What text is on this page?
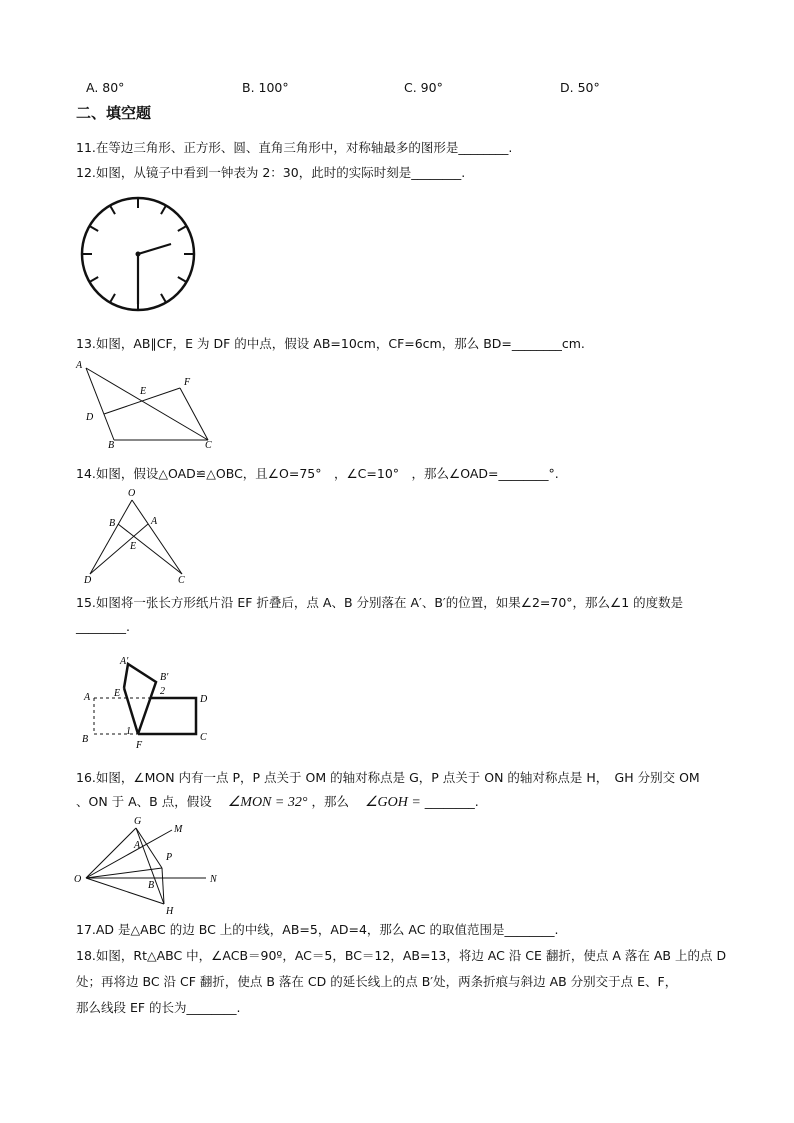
A. 80°	B. 100°	C. 90°	D. 50°
二、填空题
11.在等边三角形、正方形、圆、直角三角形中，对称轴最多的图形是________.
12.如图，从镜子中看到一钟表为 2：30，此时的实际时刻是________.
13.如图，AB∥CF，E 为 DF 的中点，假设 AB=10cm，CF=6cm，那么 BD=________cm.
A
B	C
D
E
F
14.如图，假设△OAD≌△OBC，且∠O=75°　，∠C=10°　，那么∠OAD=________°.
O
A
B
C
D
E
15.如图将一张长方形纸片沿 EF 折叠后，点 A、B 分别落在 A′、B′的位置，如果∠2=70°，那么∠1 的度数是
________.
A′
B′
A
B	C
D
E
F
1
2
16.如图，∠MON 内有一点 P，P 点关于 OM 的轴对称点是 G，P 点关于 ON 的轴对称点是 H，　GH 分别交 OM
、ON 于 A、B 点，假设 ∠MON = 32° ，那么 ∠GOH = ________.
G
M
A
P
O	N
B
H
17.AD 是△ABC 的边 BC 上的中线，AB=5，AD=4，那么 AC 的取值范围是________.
18.如图，Rt△ABC 中，∠ACB＝90º，AC＝5，BC＝12，AB=13，将边 AC 沿 CE 翻折，使点 A 落在 AB 上的点 D
处；再将边 BC 沿 CF 翻折，使点 B 落在 CD 的延长线上的点 B′处，两条折痕与斜边 AB 分别交于点 E、F，
那么线段 EF 的长为________.
